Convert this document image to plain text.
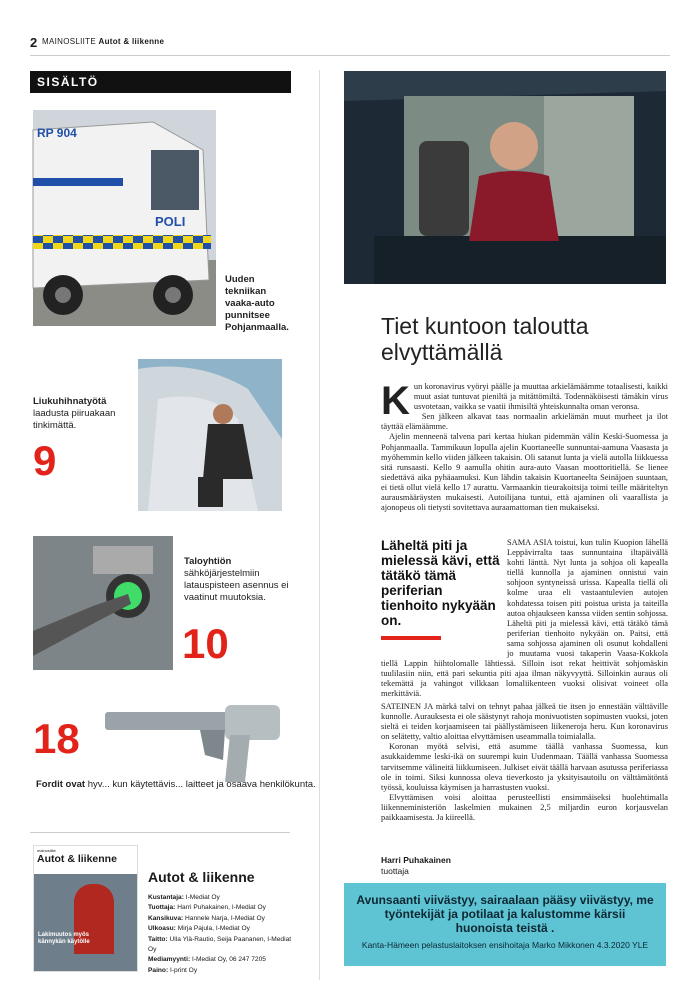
2 MAINOSLIITE Autot & liikenne
SISÄLTÖ
RP 904
POLI
Uuden tekniikan vaaka-auto punnitsee Pohjanmaalla.
Liukuhihnatyötä laadusta piiruakaan tinkimättä.
9
Taloyhtiön sähköjärjestelmiin latauspisteen asennus ei vaatinut muutoksia.
10
18
Fordit ovat hyv... kun käytettävis... laitteet ja osaava henkilökunta.
mainosliite
Autot & liikenne
Lakimuutos myös kännykän käytölle
Autot & liikenne
Kustantaja: I-Mediat Oy
Tuottaja: Harri Puhakainen, I-Mediat Oy
Kansikuva: Hannele Narja, I-Mediat Oy
Ulkoasu: Mirja Pajula, I-Mediat Oy
Taitto: Ulla Ylä-Rautio, Seija Paananen, I-Mediat Oy
Mediamyynti: I-Mediat Oy, 06 247 7205
Paino: I-print Oy
Tiet kuntoon taloutta elvyttämällä
K un koronavirus vyöryi päälle ja muuttaa arkielämäämme totaalisesti, kaikki muut asiat tuntuvat pieniltä ja mitättömiltä. Todennäköisesti tämäkin virus usvotetaan, vaikka se vaatii ihmisiltä yhteiskunnalta oman veronsa.

Sen jälkeen alkavat taas normaalin arkielämän muut murheet ja ilot täyttää elämäämme.

Ajelin menneenä talvena pari kertaa hiukan pidemmän välin Keski-Suomessa ja Pohjanmaalla. Tammikuun lopulla ajelin Kuortaneelle sunnuntai-aamuna Vaasasta ja myöhemmin kello viiden jälkeen takaisin. Oli satanut lunta ja vielä autolla liikkuessa sitä runsaasti. Kello 9 aamulla ohitin aura-auto Vaasan moottoritiellä. Se lienee siedettävä aika pyhäaamuksi. Kun lähdin takaisin Kuortaneelta Seinäjoen suuntaan, ei tietä ollut vielä kello 17 aurattu. Varmaankin tieurakoitsija toimi teille määriteltyn aurausmääräysten mukaisesti. Autoilijana tuntui, että ajaminen oli vaarallista ja ajonopeus oli tietysti sovitettava auraamattoman tien mukaiseksi.

Läheltä piti ja mielessä kävi, että tätäkö tämä periferian tienhoito nykyään on.

SAMA ASIA toistui, kun tulin Kuopion lähellä Leppävirralta taas sunnuntaina iltapäivällä kohti länttä. Nyt lunta ja sohjoa oli kapealla tiellä kunnolla ja ajaminen onnistui vain sohjoon syntyneissä urissa. Kapealla tiellä oli kolme uraa eli vastaantulevien autojen kohdatessa toisen piti poistua urista ja taiteilla autoa ohjaukseen kanssa viiden sentin sohjossa. Läheltä piti ja mielessä kävi, että tätäkö tämä periferian tienhoito nykyään on. Paitsi, että sama sohjossa ajaminen oli osunut kohdalleni jo muutama vuosi takaperin Vaasa-Kokkola tiellä Lappin hiihtolomalle lähtiessä. Silloin isot rekat heittivät sohjomäskin tuulilasiin niin, että pari sekuntia piti ajaa ilman näkyvyyttä. Silloinkin auraus oli tekemättä ja vahingot vilkkaan lomaliikenteen vuoksi olisivat voineet olla merkittäviä.

SATEINEN JA märkä talvi on tehnyt pahaa jälkeä tie itsen jo ennestään välttäville kunnolle. Aurauksesta ei ole säästynyt rahoja monivuotisten sopimusten vuoksi, joten sieltä ei teiden korjaamiseen tai päällystämiseen liikeneroja heru. Kun koronavirus on selätetty, valtio aloittaa elvyttämisen useammalla toimialalla.

Koronan myötä selvisi, että asumme täällä vanhassa Suomessa, kun asukkaidemme leski-ikä on suurempi kuin Uudenmaan. Täällä vanhassa Suomessa tarvitsemme välineitä liikkumiseen. Julkiset eivät täällä harvaan asutussa periferiassa ole in toimi. Siksi kunnossa oleva tieverkosto ja yksityisautoilu on välttämätöntä työssä, kouluissa käymisen ja harrastusten vuoksi.

Elvyttämisen voisi aloittaa perusteellisti ensimmäiseksi huolehtimalla liikenneministeriön laskelmien mukainen 2,5 miljardin euron korjausvelan paikkaamisesta. Ja kiireellä.

Harri Puhakainen
tuottaja
Avunsaanti viivästyy, sairaalaan pääsy viivästyy, me työntekijät ja potilaat ja kalustomme kärsii huonoista teistä .
Kanta-Hämeen pelastuslaitoksen ensihoitaja Marko Mikkonen 4.3.2020 YLE
